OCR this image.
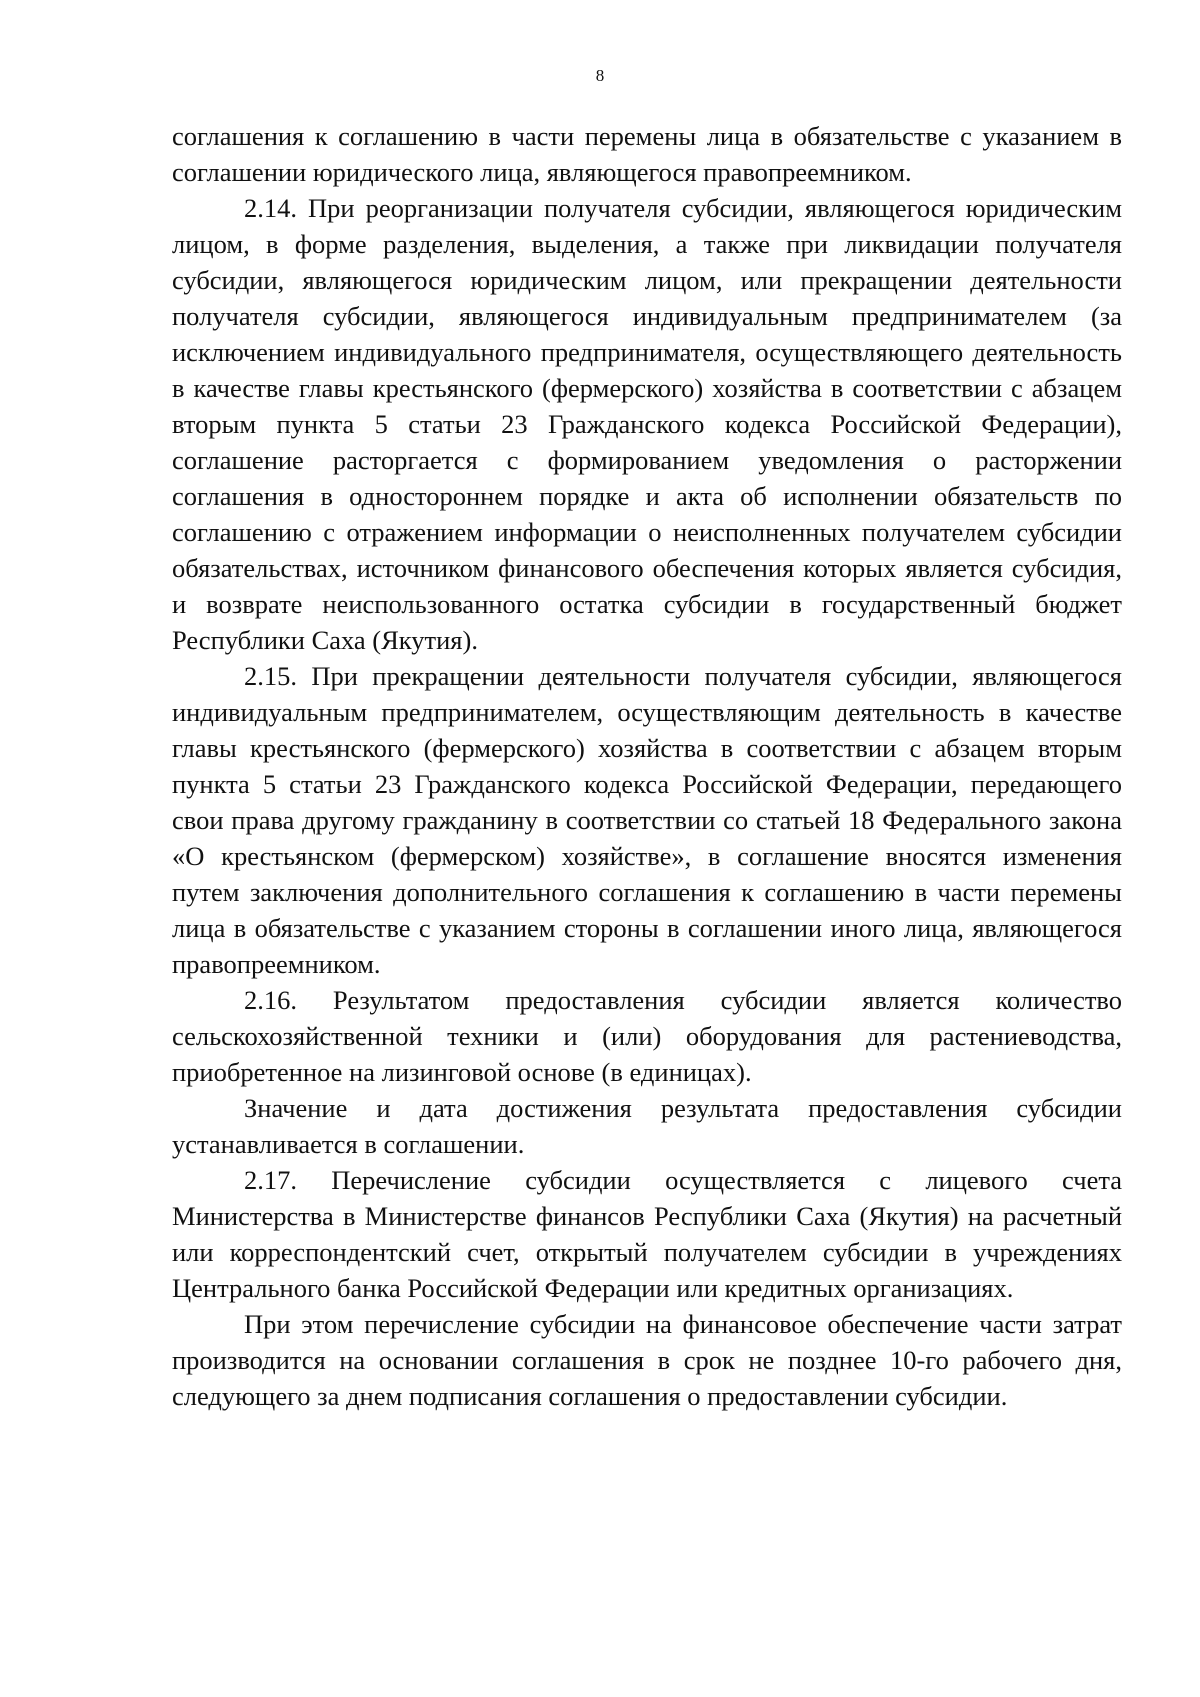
8

соглашения к соглашению в части перемены лица в обязательстве с указанием в соглашении юридического лица, являющегося правопреемником.

2.14. При реорганизации получателя субсидии, являющегося юридическим лицом, в форме разделения, выделения, а также при ликвидации получателя субсидии, являющегося юридическим лицом, или прекращении деятельности получателя субсидии, являющегося индивидуальным предпринимателем (за исключением индивидуального предпринимателя, осуществляющего деятельность в качестве главы крестьянского (фермерского) хозяйства в соответствии с абзацем вторым пункта 5 статьи 23 Гражданского кодекса Российской Федерации), соглашение расторгается с формированием уведомления о расторжении соглашения в одностороннем порядке и акта об исполнении обязательств по соглашению с отражением информации о неисполненных получателем субсидии обязательствах, источником финансового обеспечения которых является субсидия, и возврате неиспользованного остатка субсидии в государственный бюджет Республики Саха (Якутия).

2.15. При прекращении деятельности получателя субсидии, являющегося индивидуальным предпринимателем, осуществляющим деятельность в качестве главы крестьянского (фермерского) хозяйства в соответствии с абзацем вторым пункта 5 статьи 23 Гражданского кодекса Российской Федерации, передающего свои права другому гражданину в соответствии со статьей 18 Федерального закона «О крестьянском (фермерском) хозяйстве», в соглашение вносятся изменения путем заключения дополнительного соглашения к соглашению в части перемены лица в обязательстве с указанием стороны в соглашении иного лица, являющегося правопреемником.

2.16. Результатом предоставления субсидии является количество сельскохозяйственной техники и (или) оборудования для растениеводства, приобретенное на лизинговой основе (в единицах).

Значение и дата достижения результата предоставления субсидии устанавливается в соглашении.

2.17. Перечисление субсидии осуществляется с лицевого счета Министерства в Министерстве финансов Республики Саха (Якутия) на расчетный или корреспондентский счет, открытый получателем субсидии в учреждениях Центрального банка Российской Федерации или кредитных организациях.

При этом перечисление субсидии на финансовое обеспечение части затрат производится на основании соглашения в срок не позднее 10-го рабочего дня, следующего за днем подписания соглашения о предоставлении субсидии.
